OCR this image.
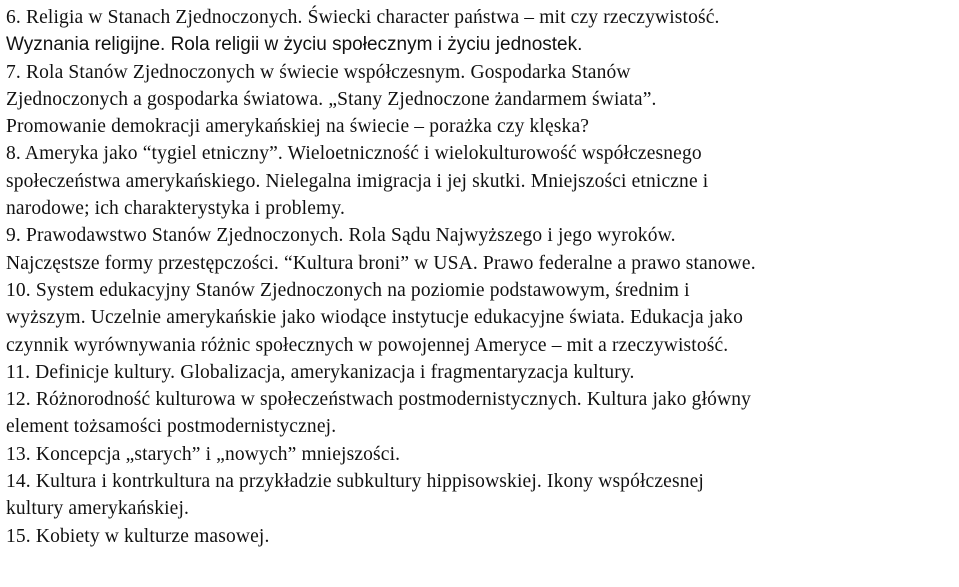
6. Religia w Stanach Zjednoczonych. Świecki character państwa – mit czy rzeczywistość.
Wyznania religijne. Rola religii w życiu społecznym i życiu jednostek.
7. Rola Stanów Zjednoczonych w świecie współczesnym. Gospodarka Stanów
Zjednoczonych a gospodarka światowa. „Stany Zjednoczone żandarmem świata”.
Promowanie demokracji amerykańskiej na świecie – porażka czy klęska?
8. Ameryka jako “tygiel etniczny”. Wieloetniczność i wielokulturowość współczesnego
społeczeństwa amerykańskiego. Nielegalna imigracja i jej skutki. Mniejszości etniczne i
narodowe; ich charakterystyka i problemy.
9. Prawodawstwo Stanów Zjednoczonych. Rola Sądu Najwyższego i jego wyroków.
Najczęstsze formy przestępczości. “Kultura broni” w USA. Prawo federalne a prawo stanowe.
10. System edukacyjny Stanów Zjednoczonych na poziomie podstawowym, średnim i
wyższym. Uczelnie amerykańskie jako wiodące instytucje edukacyjne świata. Edukacja jako
czynnik wyrównywania różnic społecznych w powojennej Ameryce – mit a rzeczywistość.
11. Definicje kultury. Globalizacja, amerykanizacja i fragmentaryzacja kultury.
12. Różnorodność kulturowa w społeczeństwach postmodernistycznych. Kultura jako główny
element tożsamości postmodernistycznej.
13. Koncepcja „starych” i „nowych” mniejszości.
14. Kultura i kontrkultura na przykładzie subkultury hippisowskiej. Ikony współczesnej
kultury amerykańskiej.
15. Kobiety w kulturze masowej.
